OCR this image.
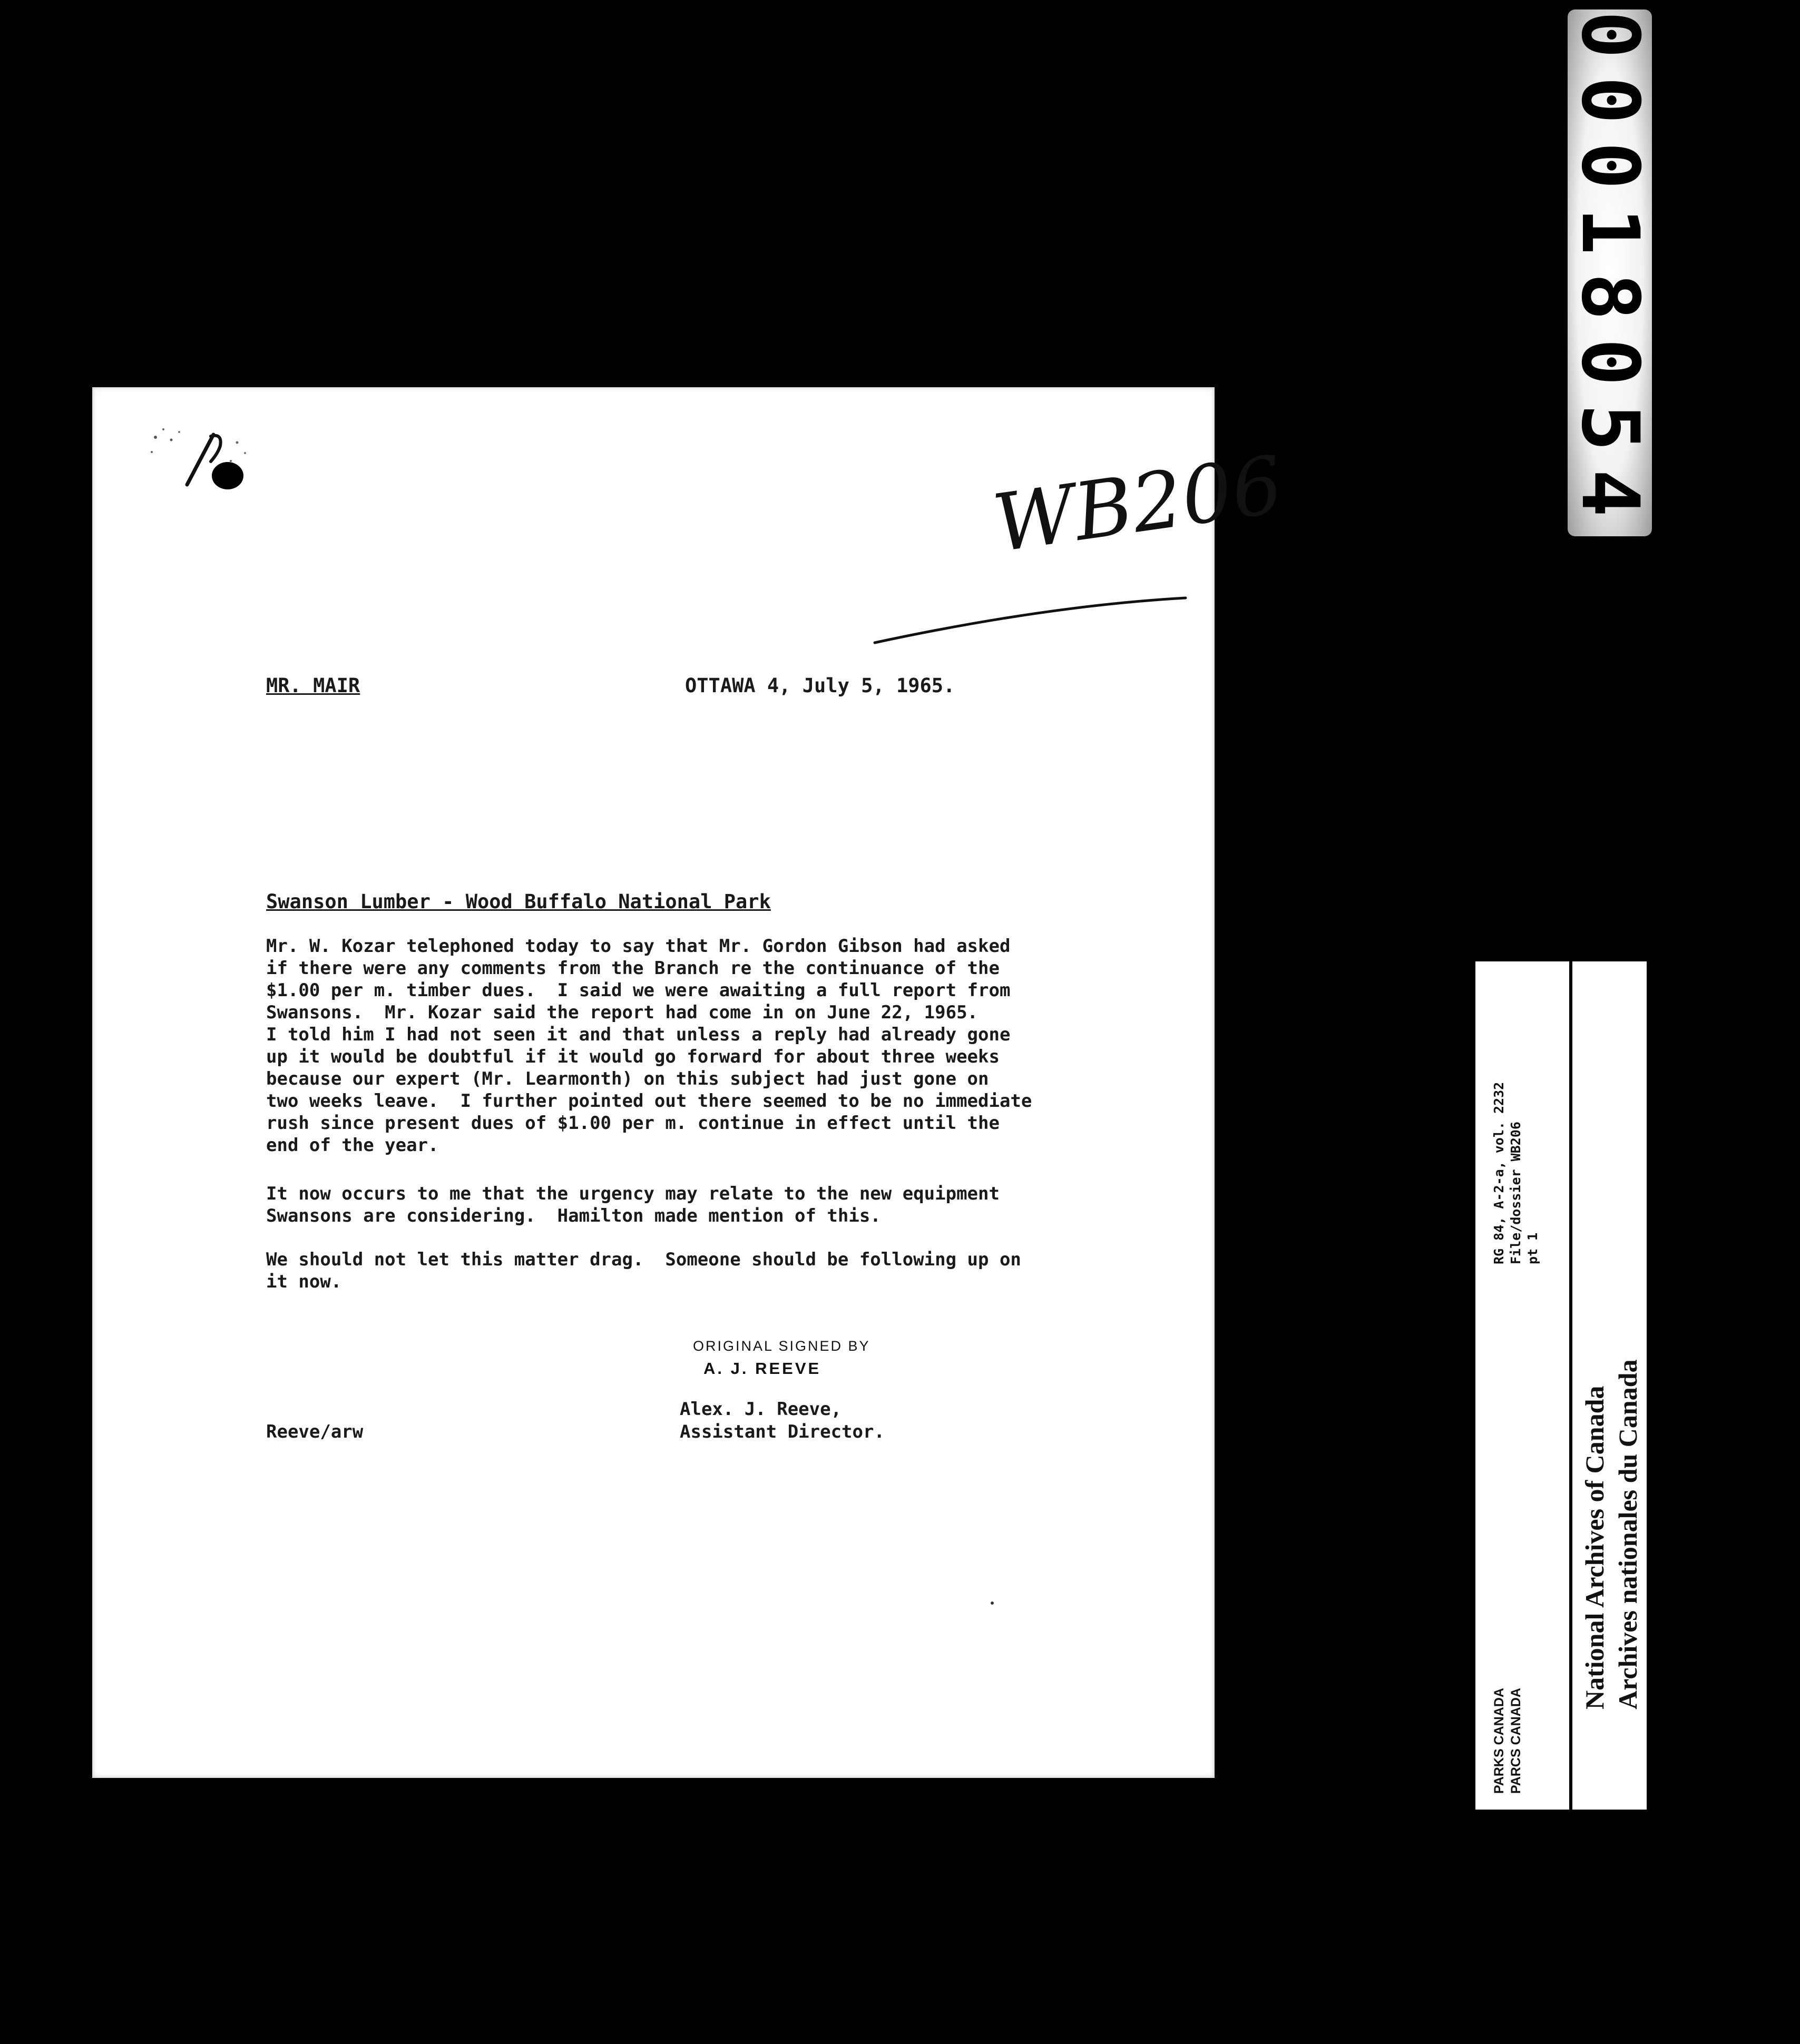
00018054
1
WB206
MR. MAIR	OTTAWA 4, July 5, 1965.
Swanson Lumber - Wood Buffalo National Park
Mr. W. Kozar telephoned today to say that Mr. Gordon Gibson had asked
if there were any comments from the Branch re the continuance of the
$1.00 per m. timber dues.  I said we were awaiting a full report from
Swansons.  Mr. Kozar said the report had come in on June 22, 1965.
I told him I had not seen it and that unless a reply had already gone
up it would be doubtful if it would go forward for about three weeks
because our expert (Mr. Learmonth) on this subject had just gone on
two weeks leave.  I further pointed out there seemed to be no immediate
rush since present dues of $1.00 per m. continue in effect until the
end of the year.
It now occurs to me that the urgency may relate to the new equipment
Swansons are considering.  Hamilton made mention of this.
We should not let this matter drag.  Someone should be following up on
it now.
ORIGINAL SIGNED BY
A. J. REEVE
Alex. J. Reeve,
Assistant Director.
Reeve/arw
PARKS CANADA PARCS CANADA
RG 84, A-2-a, vol. 2232 File/dossier WB206 pt 1
National Archives of Canada Archives nationales du Canada
